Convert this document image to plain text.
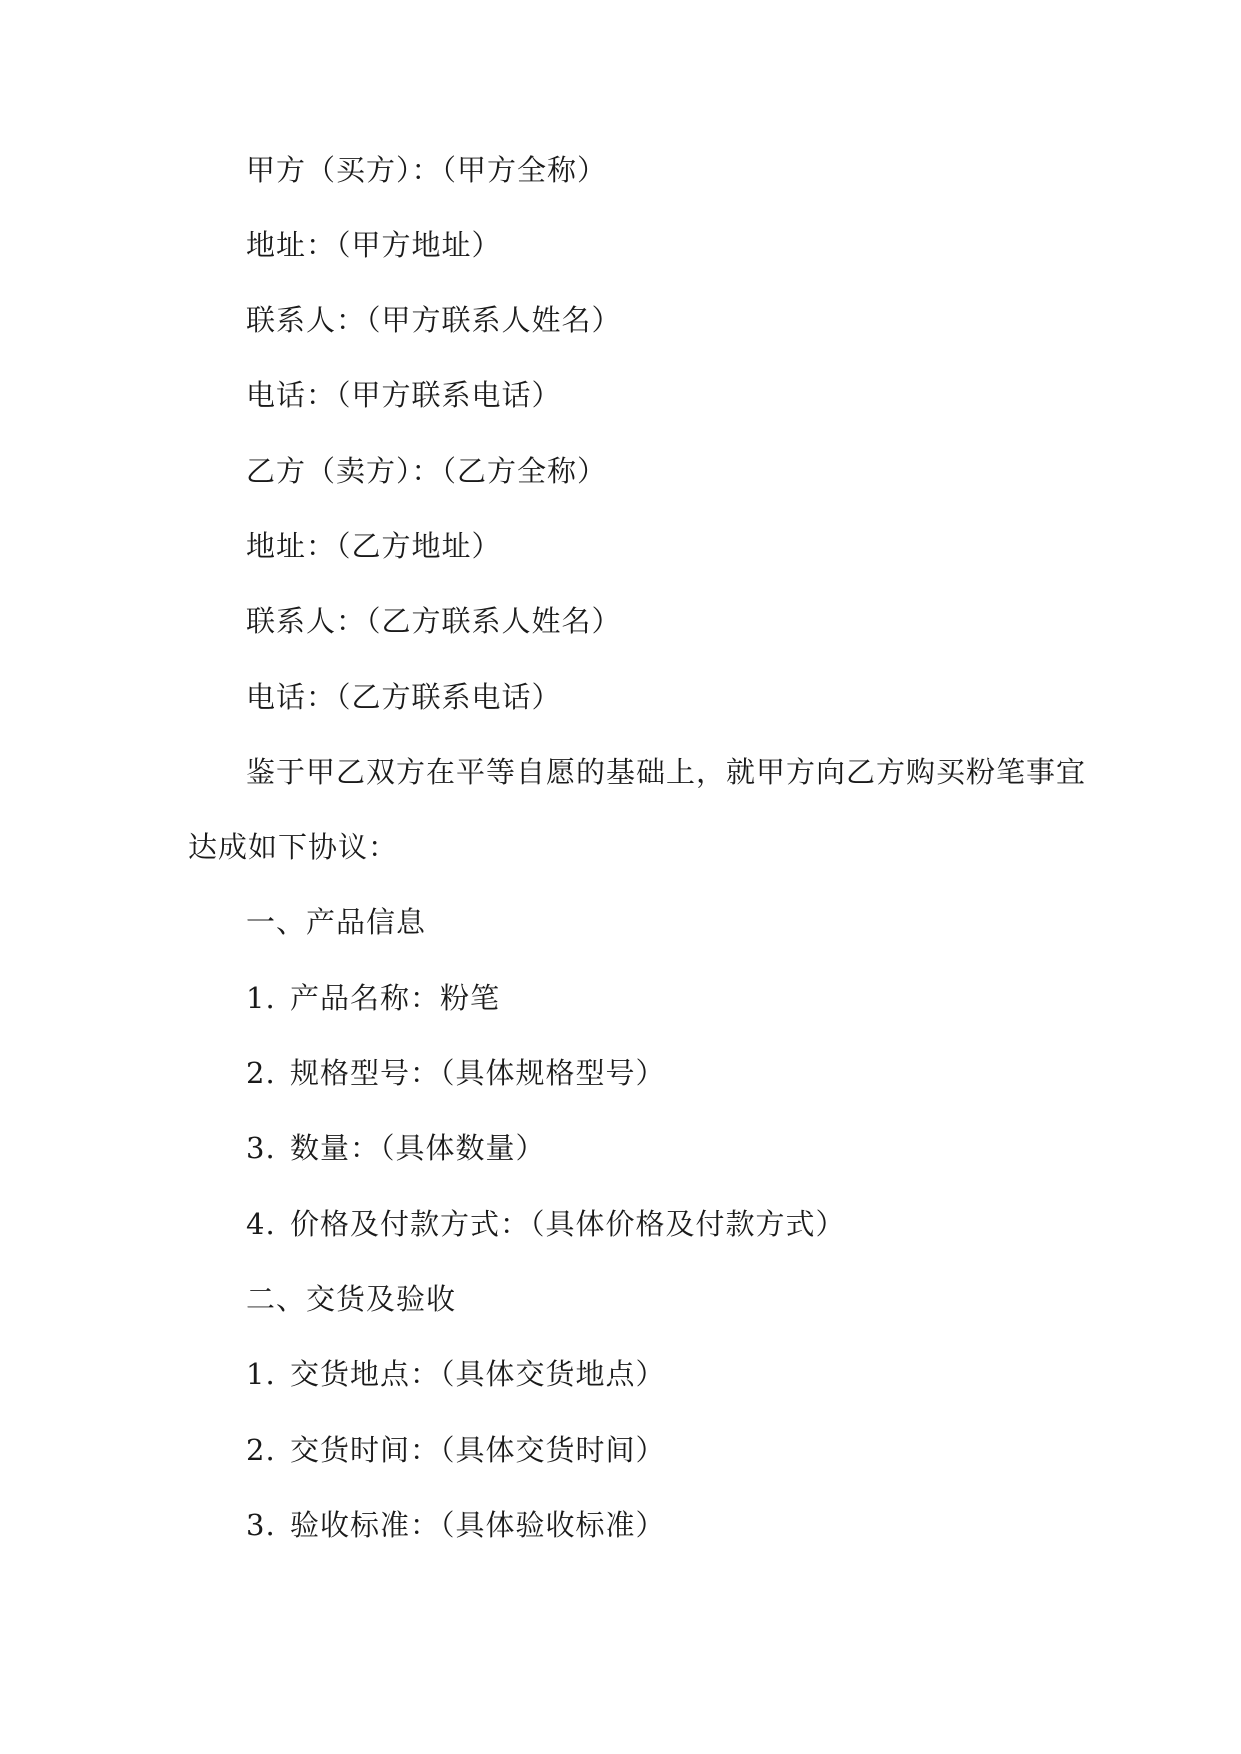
甲方（买方）：（甲方全称）
地址：（甲方地址）
联系人：（甲方联系人姓名）
电话：（甲方联系电话）
乙方（卖方）：（乙方全称）
地址：（乙方地址）
联系人：（乙方联系人姓名）
电话：（乙方联系电话）
鉴于甲乙双方在平等自愿的基础上，就甲方向乙方购买粉笔事宜
达成如下协议：
一、产品信息
1. 产品名称：粉笔
2. 规格型号：（具体规格型号）
3. 数量：（具体数量）
4. 价格及付款方式：（具体价格及付款方式）
二、交货及验收
1. 交货地点：（具体交货地点）
2. 交货时间：（具体交货时间）
3. 验收标准：（具体验收标准）
